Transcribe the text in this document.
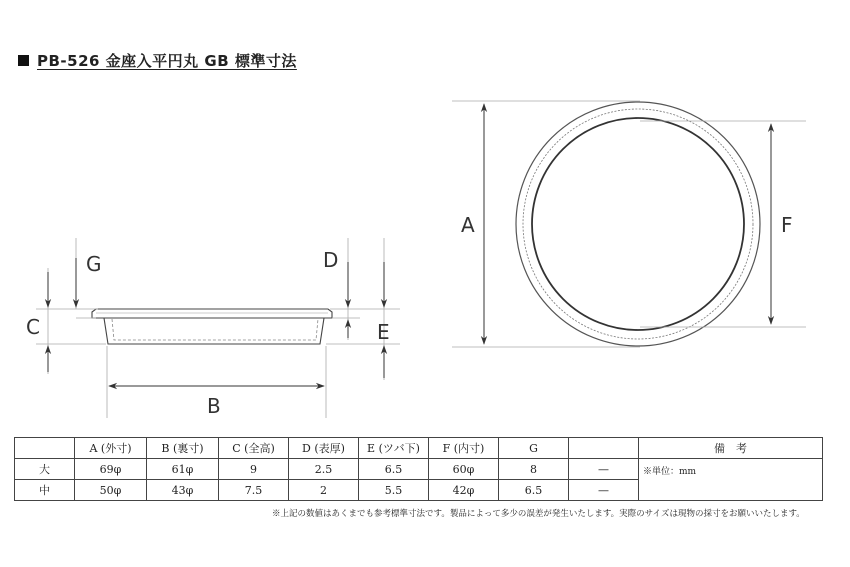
PB-526 金座入平円丸 GB 標準寸法
G
C
D
E
B
A	F
	A (外寸)	B (裏寸)	C (全高)	D (表厚)	E (ツバ下)	F (内寸)	G		備　考
大	69φ	61φ	9	2.5	6.5	60φ	8	—	※単位：mm
中	50φ	43φ	7.5	2	5.5	42φ	6.5	—	
※上記の数値はあくまでも参考標準寸法です。製品によって多少の誤差が発生いたします。実際のサイズは現物の採寸をお願いいたします。
